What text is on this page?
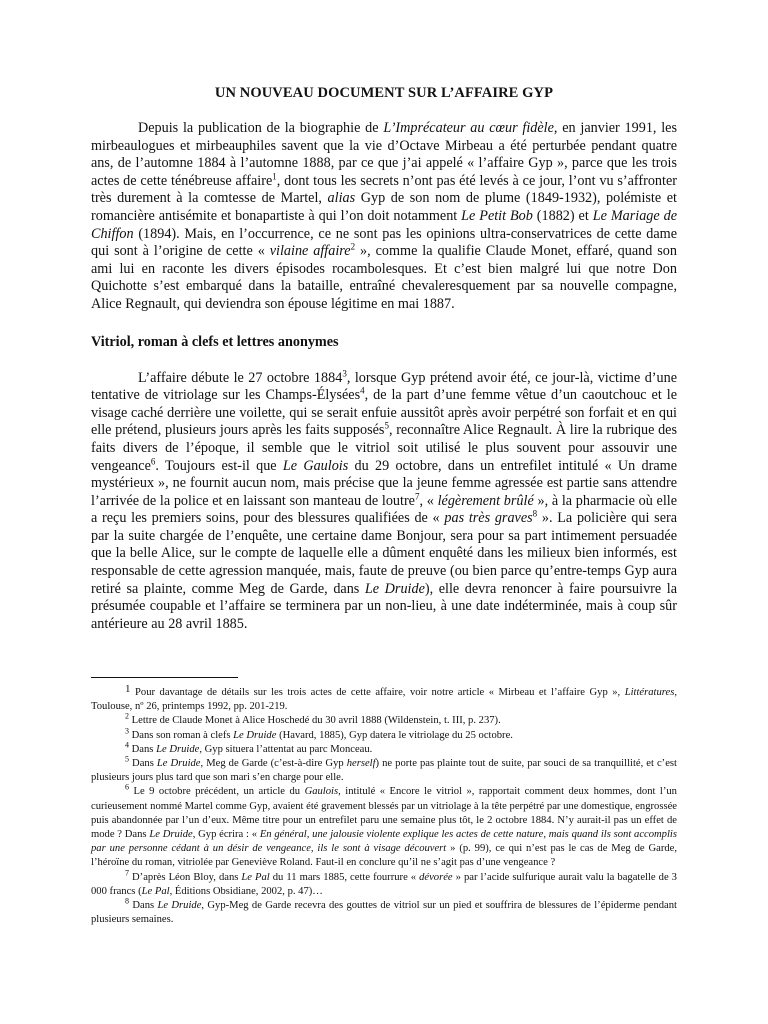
UN NOUVEAU DOCUMENT SUR L’AFFAIRE GYP

Depuis la publication de la biographie de L’Imprécateur au cœur fidèle, en janvier 1991, les mirbeaulogues et mirbeauphiles savent que la vie d’Octave Mirbeau a été perturbée pendant quatre ans, de l’automne 1884 à l’automne 1888, par ce que j’ai appelé « l’affaire Gyp », parce que les trois actes de cette ténébreuse affaire$^1$, dont tous les secrets n’ont pas été levés à ce jour, l’ont vu s’affronter très durement à la comtesse de Martel, alias Gyp de son nom de plume (1849-1932), polémiste et romancière antisémite et bonapartiste à qui l’on doit notamment Le Petit Bob (1882) et Le Mariage de Chiffon (1894). Mais, en l’occurrence, ce ne sont pas les opinions ultra-conservatrices de cette dame qui sont à l’origine de cette « vilaine affaire$^2$ », comme la qualifie Claude Monet, effaré, quand son ami lui en raconte les divers épisodes rocambolesques. Et c’est bien malgré lui que notre Don Quichotte s’est embarqué dans la bataille, entraîné chevaleresquement par sa nouvelle compagne, Alice Regnault, qui deviendra son épouse légitime en mai 1887.

Vitriol, roman à clefs et lettres anonymes

L’affaire débute le 27 octobre 1884$^3$, lorsque Gyp prétend avoir été, ce jour-là, victime d’une tentative de vitriolage sur les Champs-Élysées$^4$, de la part d’une femme vêtue d’un caoutchouc et le visage caché derrière une voilette, qui se serait enfuie aussitôt après avoir perpétré son forfait et en qui elle prétend, plusieurs jours après les faits supposés$^5$, reconnaître Alice Regnault. À lire la rubrique des faits divers de l’époque, il semble que le vitriol soit utilisé le plus souvent pour assouvir une vengeance$^6$. Toujours est-il que Le Gaulois du 29 octobre, dans un entrefilet intitulé « Un drame mystérieux », ne fournit aucun nom, mais précise que la jeune femme agressée est partie sans attendre l’arrivée de la police et en laissant son manteau de loutre$^7$, « légèrement brûlé », à la pharmacie où elle a reçu les premiers soins, pour des blessures qualifiées de « pas très graves$^8$ ». La policière qui sera par la suite chargée de l’enquête, une certaine dame Bonjour, sera pour sa part intimement persuadée que la belle Alice, sur le compte de laquelle elle a dûment enquêté dans les milieux bien informés, est responsable de cette agression manquée, mais, faute de preuve (ou bien parce qu’entre-temps Gyp aura retiré sa plainte, comme Meg de Garde, dans Le Druide), elle devra renoncer à faire poursuivre la présumée coupable et l’affaire se terminera par un non-lieu, à une date indéterminée, mais à coup sûr antérieure au 28 avril 1885.

1 Pour davantage de détails sur les trois actes de cette affaire, voir notre article « Mirbeau et l’affaire Gyp », Littératures, Toulouse, nº 26, printemps 1992, pp. 201-219.

$^2$ Lettre de Claude Monet à Alice Hoschedé du 30 avril 1888 (Wildenstein, t. III, p. 237).

$^3$ Dans son roman à clefs Le Druide (Havard, 1885), Gyp datera le vitriolage du 25 octobre.

$^4$ Dans Le Druide, Gyp situera l’attentat au parc Monceau.

$^5$ Dans Le Druide, Meg de Garde (c’est-à-dire Gyp herself) ne porte pas plainte tout de suite, par souci de sa tranquillité, et c’est plusieurs jours plus tard que son mari s’en charge pour elle.

$^6$ Le 9 octobre précédent, un article du Gaulois, intitulé « Encore le vitriol », rapportait comment deux hommes, dont l’un curieusement nommé Martel comme Gyp, avaient été gravement blessés par un vitriolage à la tête perpétré par une domestique, engrossée puis abandonnée par l’un d’eux. Même titre pour un entrefilet paru une semaine plus tôt, le 2 octobre 1884. N’y aurait-il pas un effet de mode ? Dans Le Druide, Gyp écrira : « En général, une jalousie violente explique les actes de cette nature, mais quand ils sont accomplis par une personne cédant à un désir de vengeance, ils le sont à visage découvert » (p. 99), ce qui n’est pas le cas de Meg de Garde, l’héroïne du roman, vitriolée par Geneviève Roland. Faut-il en conclure qu’il ne s’agit pas d’une vengeance ?

$^7$ D’après Léon Bloy, dans Le Pal du 11 mars 1885, cette fourrure « dévorée » par l’acide sulfurique aurait valu la bagatelle de 3 000 francs (Le Pal, Éditions Obsidiane, 2002, p. 47)…

$^8$ Dans Le Druide, Gyp-Meg de Garde recevra des gouttes de vitriol sur un pied et souffrira de blessures de l’épiderme pendant plusieurs semaines.
